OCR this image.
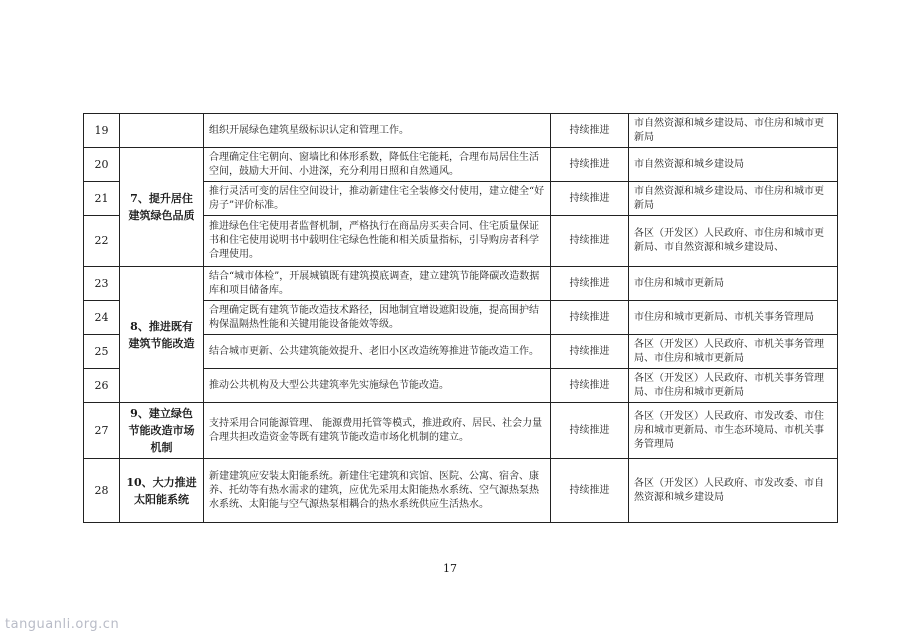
19		组织开展绿色建筑星级标识认定和管理工作。	持续推进	市自然资源和城乡建设局、市住房和城市更新局
20	7、提升居住建筑绿色品质	合理确定住宅朝向、窗墙比和体形系数，降低住宅能耗，合理布局居住生活空间，鼓励大开间、小进深，充分利用日照和自然通风。	持续推进	市自然资源和城乡建设局
21		推行灵活可变的居住空间设计，推动新建住宅全装修交付使用，建立健全“好房子”评价标准。	持续推进	市自然资源和城乡建设局、市住房和城市更新局
22		推进绿色住宅使用者监督机制，严格执行在商品房买卖合同、住宅质量保证书和住宅使用说明书中载明住宅绿色性能和相关质量指标，引导购房者科学合理使用。	持续推进	各区（开发区）人民政府、市住房和城市更新局、市自然资源和城乡建设局、
23	8、推进既有建筑节能改造	结合“城市体检”，开展城镇既有建筑摸底调查，建立建筑节能降碳改造数据库和项目储备库。	持续推进	市住房和城市更新局
24		合理确定既有建筑节能改造技术路径，因地制宜增设遮阳设施，提高围护结构保温隔热性能和关键用能设备能效等级。	持续推进	市住房和城市更新局、市机关事务管理局
25		结合城市更新、公共建筑能效提升、老旧小区改造统筹推进节能改造工作。	持续推进	各区（开发区）人民政府、市机关事务管理局、市住房和城市更新局
26		推动公共机构及大型公共建筑率先实施绿色节能改造。	持续推进	各区（开发区）人民政府、市机关事务管理局、市住房和城市更新局
27	9、建立绿色节能改造市场机制	支持采用合同能源管理、 能源费用托管等模式，推进政府、居民、社会力量合理共担改造资金等既有建筑节能改造市场化机制的建立。	持续推进	各区（开发区）人民政府、市发改委、市住房和城市更新局、市生态环境局、市机关事务管理局
28	10、大力推进太阳能系统	新建建筑应安装太阳能系统。新建住宅建筑和宾馆、医院、公寓、宿舍、康养、托幼等有热水需求的建筑，应优先采用太阳能热水系统、空气源热泵热水系统、太阳能与空气源热泵相耦合的热水系统供应生活热水。	持续推进	各区（开发区）人民政府、市发改委、市自然资源和城乡建设局
17
tanguanli.org.cn
